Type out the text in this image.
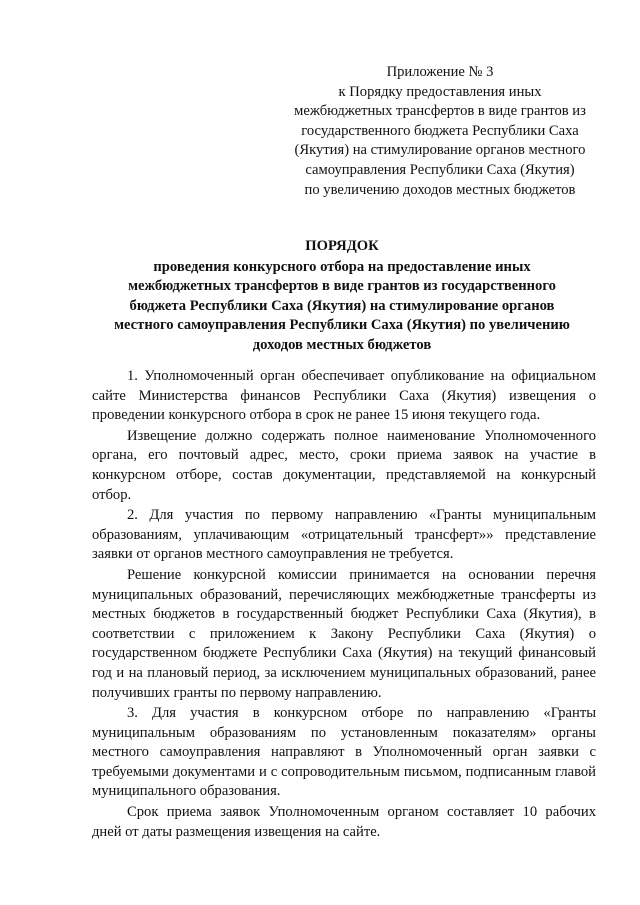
Приложение № 3
к Порядку предоставления иных
межбюджетных трансфертов в виде грантов из
государственного бюджета Республики Саха
(Якутия) на стимулирование органов местного
самоуправления Республики Саха (Якутия)
по увеличению доходов местных бюджетов
ПОРЯДОК
проведения конкурсного отбора на предоставление иных
межбюджетных трансфертов в виде грантов из государственного
бюджета Республики Саха (Якутия) на стимулирование органов
местного самоуправления Республики Саха (Якутия) по увеличению
доходов местных бюджетов

1. Уполномоченный орган обеспечивает опубликование на официальном сайте Министерства финансов Республики Саха (Якутия) извещения о проведении конкурсного отбора в срок не ранее 15 июня текущего года.

Извещение должно содержать полное наименование Уполномоченного органа, его почтовый адрес, место, сроки приема заявок на участие в конкурсном отборе, состав документации, представляемой на конкурсный отбор.

2. Для участия по первому направлению «Гранты муниципальным образованиям, уплачивающим «отрицательный трансферт»» представление заявки от органов местного самоуправления не требуется.

Решение конкурсной комиссии принимается на основании перечня муниципальных образований, перечисляющих межбюджетные трансферты из местных бюджетов в государственный бюджет Республики Саха (Якутия), в соответствии с приложением к Закону Республики Саха (Якутия) о государственном бюджете Республики Саха (Якутия) на текущий финансовый год и на плановый период, за исключением муниципальных образований, ранее получивших гранты по первому направлению.

3. Для участия в конкурсном отборе по направлению «Гранты муниципальным образованиям по установленным показателям» органы местного самоуправления направляют в Уполномоченный орган заявки с требуемыми документами и с сопроводительным письмом, подписанным главой муниципального образования.

Срок приема заявок Уполномоченным органом составляет 10 рабочих дней от даты размещения извещения на сайте.
